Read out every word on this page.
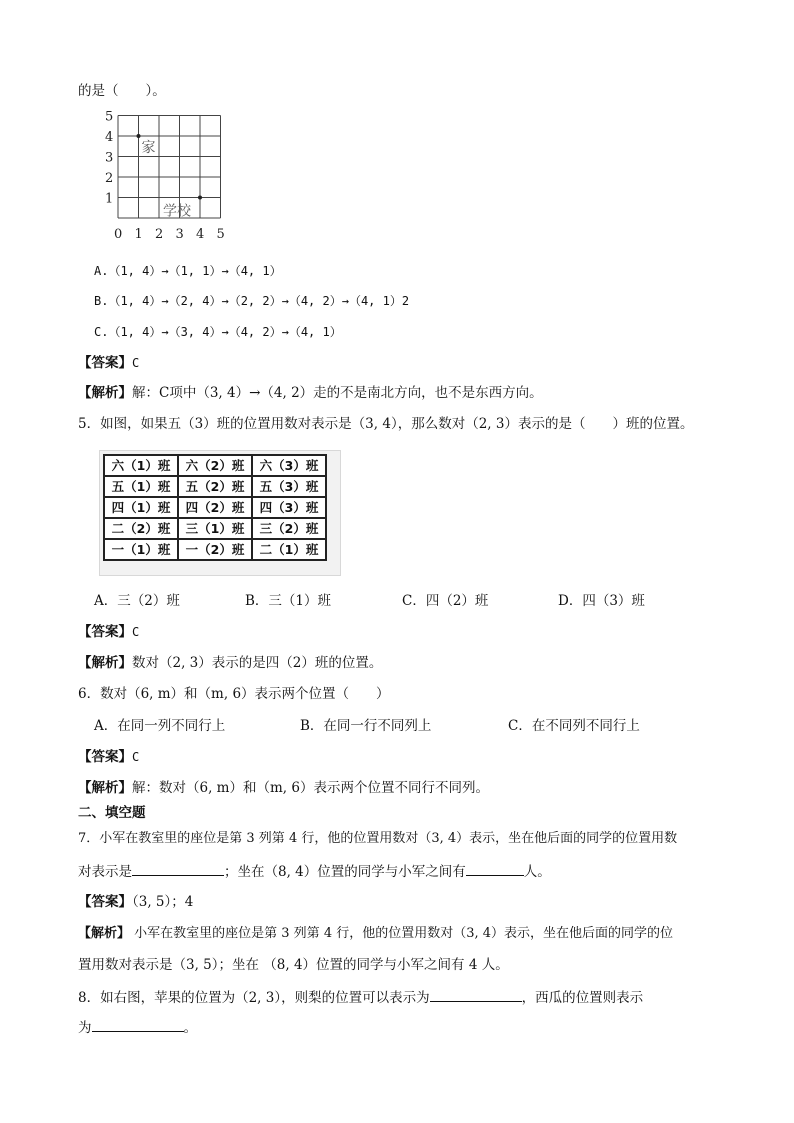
的是（　　）。
5
4
3
2
1
0 1 2 3 4 5
家
学校
A.（1, 4）→（1, 1）→（4, 1）
B.（1, 4）→（2, 4）→（2, 2）→（4, 2）→（4, 1）2
C.（1, 4）→（3, 4）→（4, 2）→（4, 1）
【答案】C
【解析】解：C项中（3, 4）→（4, 2）走的不是南北方向，也不是东西方向。
5．如图，如果五（3）班的位置用数对表示是（3, 4），那么数对（2, 3）表示的是（　　）班的位置。
六（1）班	六（2）班	六（3）班
五（1）班	五（2）班	五（3）班
四（1）班	四（2）班	四（3）班
二（2）班	三（1）班	三（2）班
一（1）班	一（2）班	二（1）班
A．三（2）班	B．三（1）班	C．四（2）班	D．四（3）班
【答案】C
【解析】数对（2, 3）表示的是四（2）班的位置。
6．数对（6, m）和（m, 6）表示两个位置（　　）
A．在同一列不同行上	B．在同一行不同列上	C．在不同列不同行上
【答案】C
【解析】解：数对（6, m）和（m, 6）表示两个位置不同行不同列。
二、填空题
7．小军在教室里的座位是第 3 列第 4 行，他的位置用数对（3, 4）表示，坐在他后面的同学的位置用数
对表示是	；坐在（8, 4）位置的同学与小军之间有	人。
【答案】（3, 5）；4
【解析】 小军在教室里的座位是第 3 列第 4 行，他的位置用数对（3, 4）表示，坐在他后面的同学的位
置用数对表示是（3, 5）；坐在 （8, 4）位置的同学与小军之间有 4 人。
8．如右图，苹果的位置为（2, 3），则梨的位置可以表示为	，西瓜的位置则表示
为	。
